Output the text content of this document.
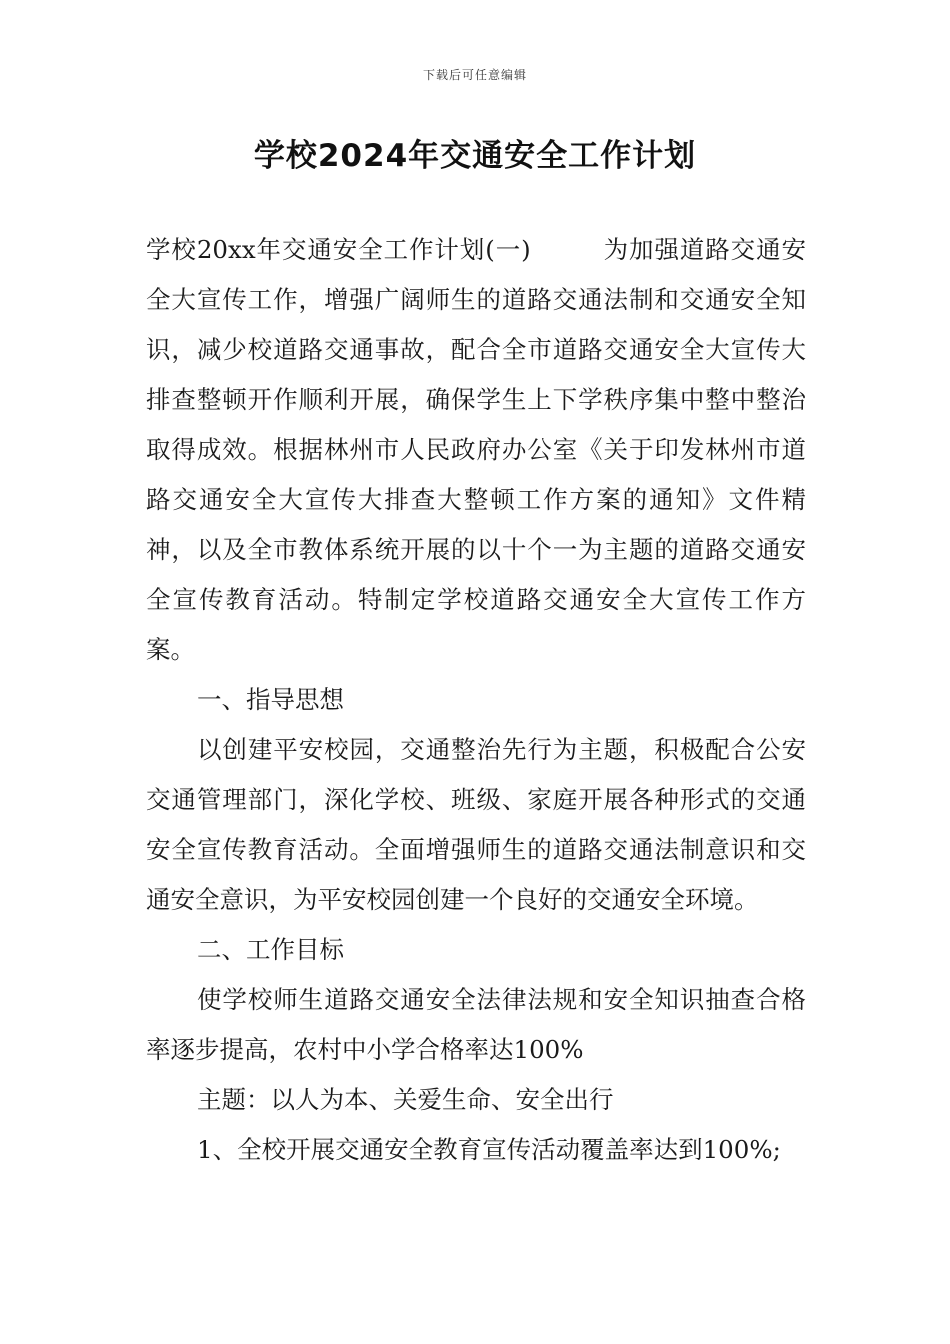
下载后可任意编辑
学校2024年交通安全工作计划

学校20xx年交通安全工作计划(一)	为加强道路交通安全大宣传工作，增强广阔师生的道路交通法制和交通安全知识，减少校道路交通事故，配合全市道路交通安全大宣传大排查整顿开作顺利开展，确保学生上下学秩序集中整中整治取得成效。根据林州市人民政府办公室《关于印发林州市道路交通安全大宣传大排查大整顿工作方案的通知》文件精神，以及全市教体系统开展的以十个一为主题的道路交通安全宣传教育活动。特制定学校道路交通安全大宣传工作方案。

一、指导思想

以创建平安校园，交通整治先行为主题，积极配合公安交通管理部门，深化学校、班级、家庭开展各种形式的交通安全宣传教育活动。全面增强师生的道路交通法制意识和交通安全意识，为平安校园创建一个良好的交通安全环境。

二、工作目标

使学校师生道路交通安全法律法规和安全知识抽查合格率逐步提高，农村中小学合格率达100%

主题：以人为本、关爱生命、安全出行

1、全校开展交通安全教育宣传活动覆盖率达到100%;
